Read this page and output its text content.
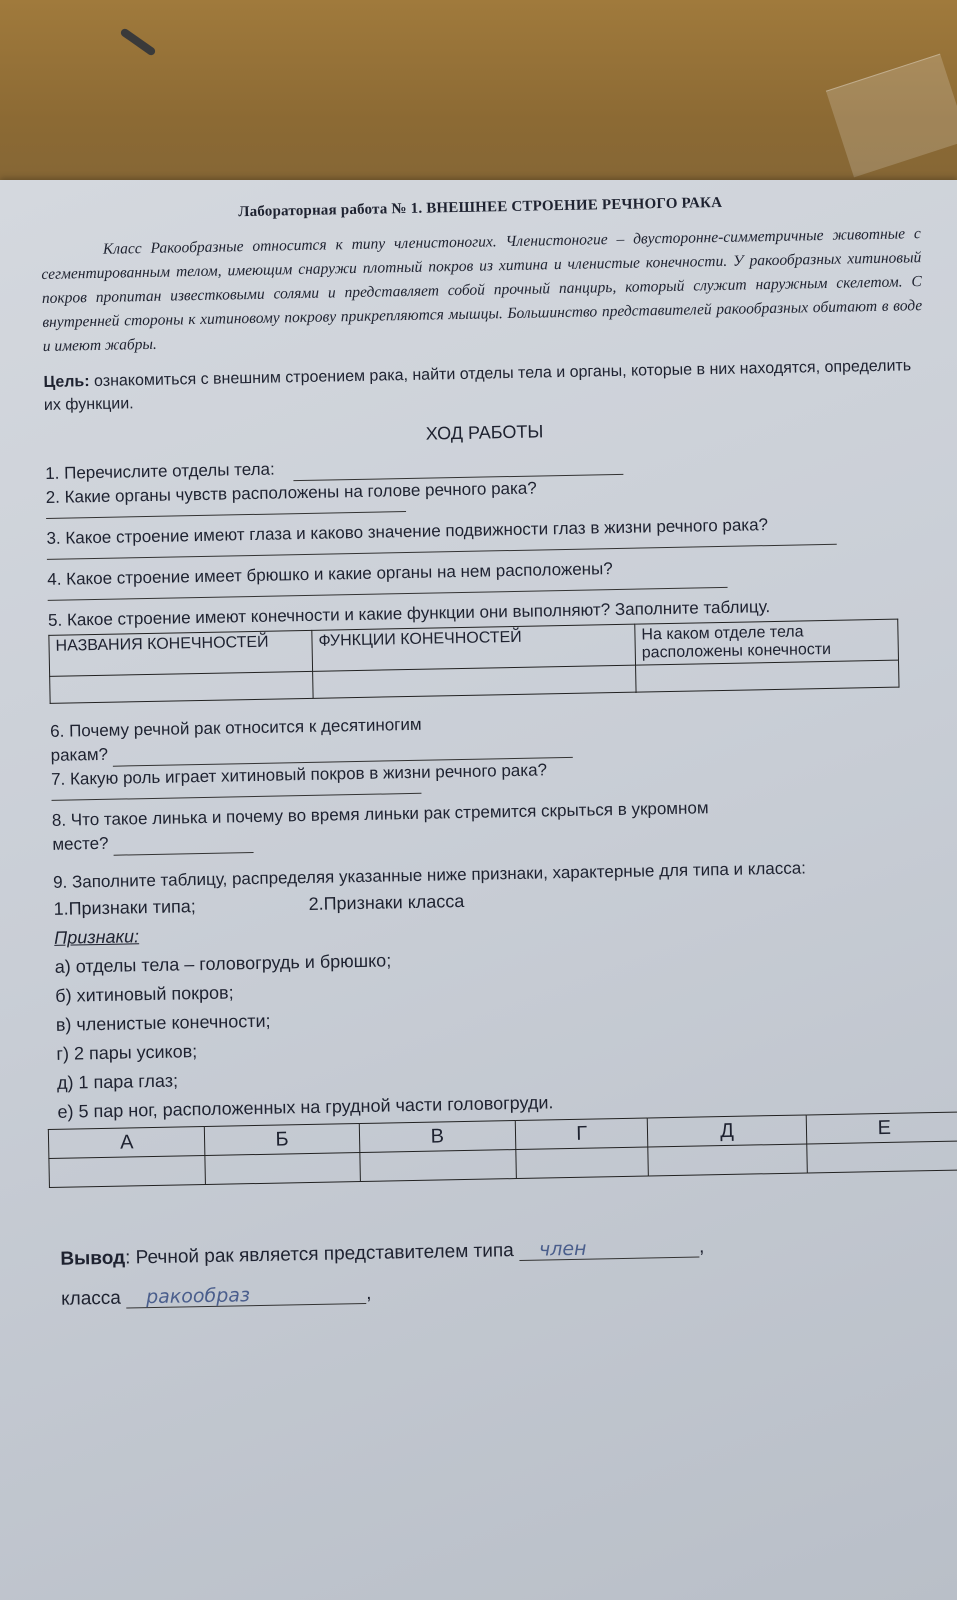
Лабораторная работа № 1. ВНЕШНЕЕ СТРОЕНИЕ РЕЧНОГО РАКА

Класс Ракообразные относится к типу членистоногих. Членистоногие – двусторонне-симметричные животные с сегментированным телом, имеющим снаружи плотный покров из хитина и членистые конечности. У ракообразных хитиновый покров пропитан известковыми солями и представляет собой прочный панцирь, который служит наружным скелетом. С внутренней стороны к хитиновому покрову прикрепляются мышцы. Большинство представителей ракообразных обитают в воде и имеют жабры.

Цель: ознакомиться с внешним строением рака, найти отделы тела и органы, которые в них находятся, определить их функции.

ХОД РАБОТЫ

1. Перечислите отделы тела:

2. Какие органы чувств расположены на голове речного рака?

3. Какое строение имеют глаза и каково значение подвижности глаз в жизни речного рака?

4. Какое строение имеет брюшко и какие органы на нем расположены?

5. Какое строение имеют конечности и какие функции они выполняют? Заполните таблицу.

НАЗВАНИЯ КОНЕЧНОСТЕЙ	ФУНКЦИИ КОНЕЧНОСТЕЙ	На каком отделе тела расположены конечности

6. Почему речной рак относится к десятиногим
ракам?

7. Какую роль играет хитиновый покров в жизни речного рака?

8. Что такое линька и почему во время линьки рак стремится скрыться в укромном
месте?

9. Заполните таблицу, распределяя указанные ниже признаки, характерные для типа и класса:

1.Признаки типа;	2.Признаки класса
Признаки:
а) отделы тела – головогрудь и брюшко;
б) хитиновый покров;
в) членистые конечности;
г) 2 пары усиков;
д) 1 пара глаз;
е) 5 пар ног, расположенных на грудной части головогруди.
А	Б	В	Г	Д	Е

Вывод: Речной рак является представителем типа член	,
класса ракообраз	,
